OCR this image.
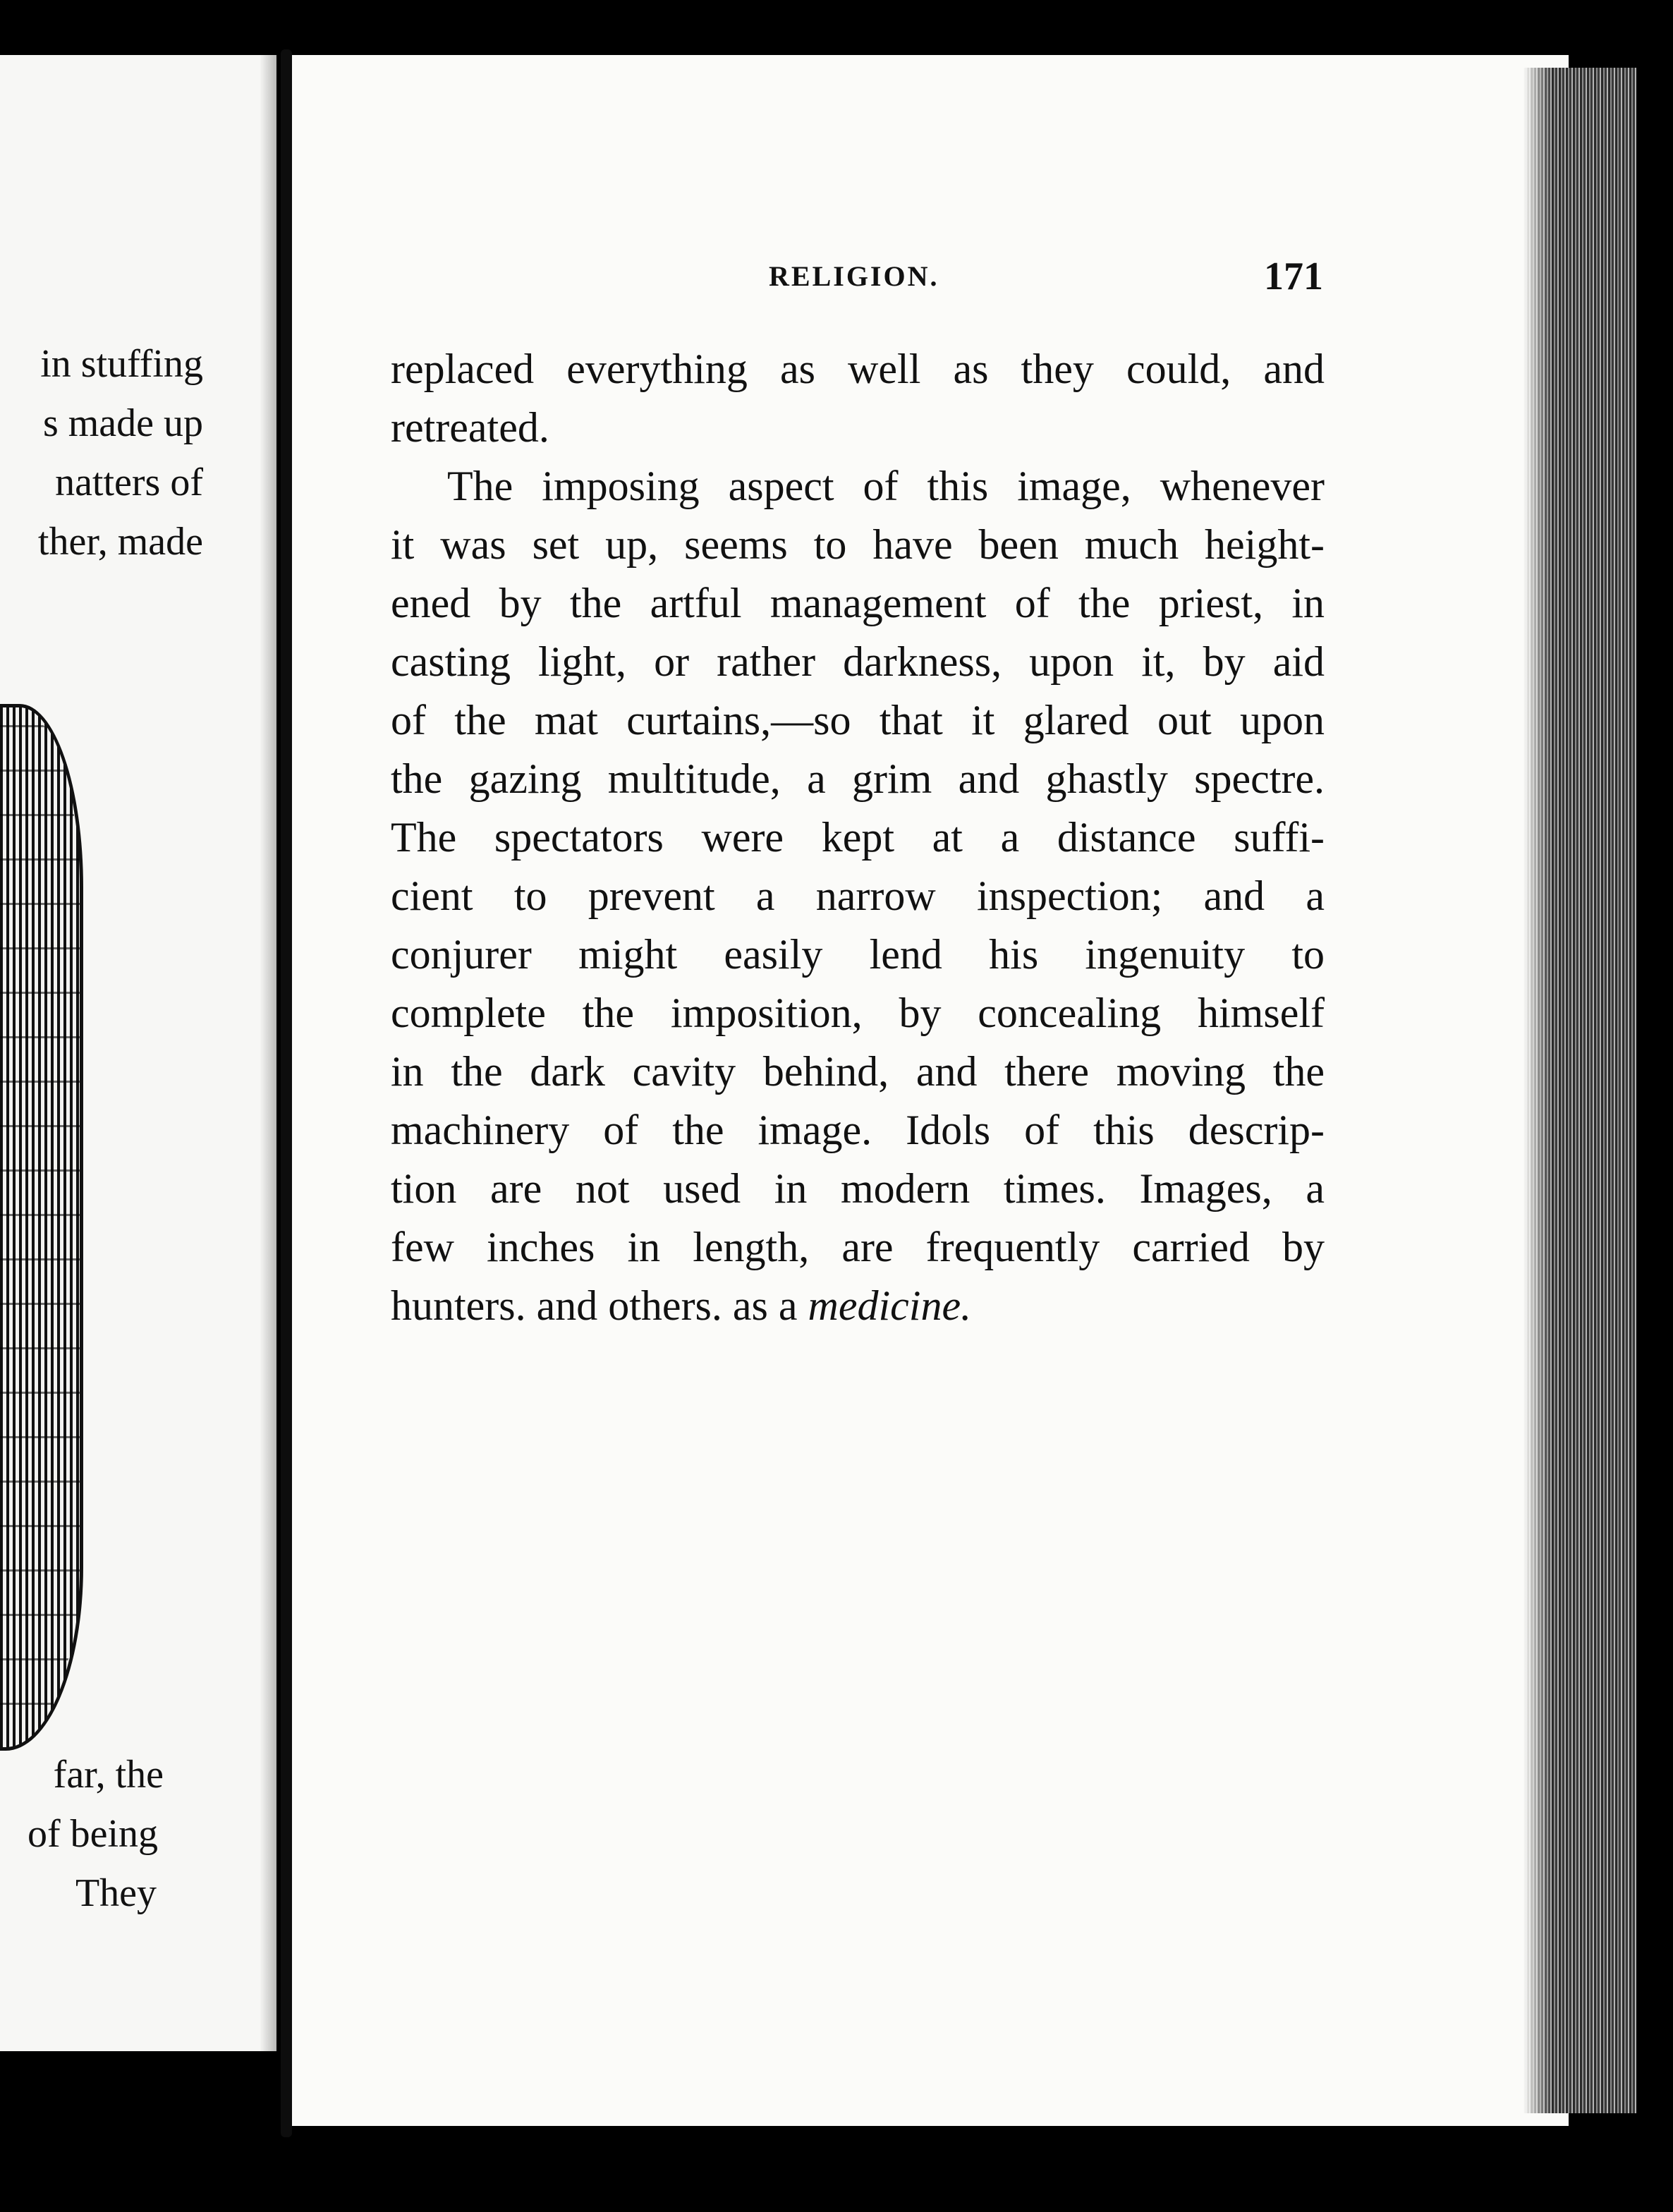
in stuffing
s made up
natters of
ther, made
far, the
of being
They
RELIGION.	171
replaced everything as well as they could, and
retreated.
The imposing aspect of this image, whenever
it was set up, seems to have been much height-
ened by the artful management of the priest, in
casting light, or rather darkness, upon it, by aid
of the mat curtains,—so that it glared out upon
the gazing multitude, a grim and ghastly spectre.
The spectators were kept at a distance suffi-
cient to prevent a narrow inspection; and a
conjurer might easily lend his ingenuity to
complete the imposition, by concealing himself
in the dark cavity behind, and there moving the
machinery of the image. Idols of this descrip-
tion are not used in modern times. Images, a
few inches in length, are frequently carried by
hunters. and others. as a medicine.
